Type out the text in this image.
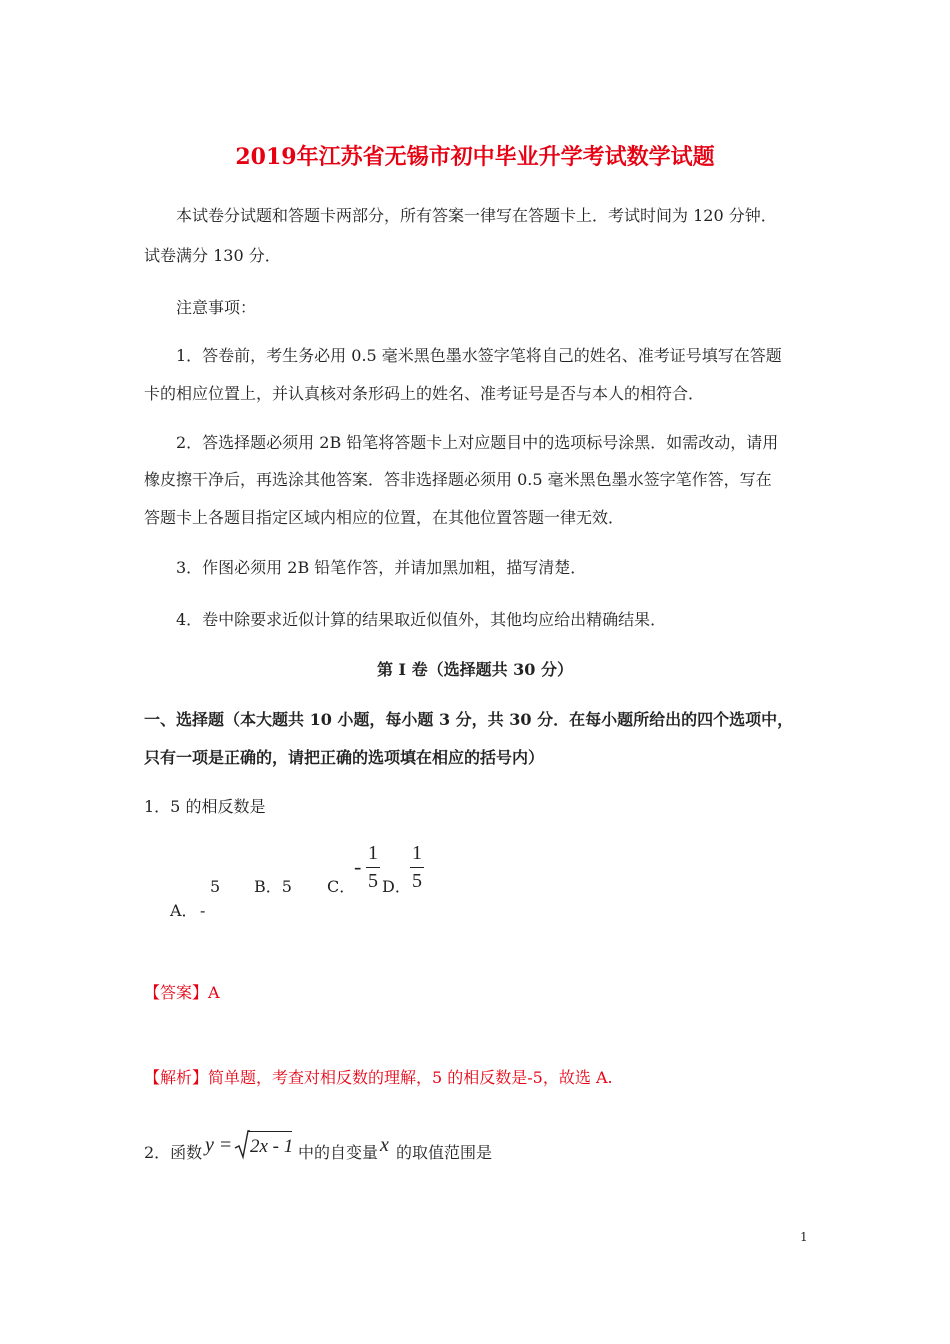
2019年江苏省无锡市初中毕业升学考试数学试题
本试卷分试题和答题卡两部分，所有答案一律写在答题卡上．考试时间为 120 分钟．
试卷满分 130 分．
注意事项：
1．答卷前，考生务必用 0.5 毫米黑色墨水签字笔将自己的姓名、准考证号填写在答题
卡的相应位置上，并认真核对条形码上的姓名、准考证号是否与本人的相符合．
2．答选择题必须用 2B 铅笔将答题卡上对应题目中的选项标号涂黑．如需改动，请用
橡皮擦干净后，再选涂其他答案．答非选择题必须用 0.5 毫米黑色墨水签字笔作答，写在
答题卡上各题目指定区域内相应的位置，在其他位置答题一律无效．
3．作图必须用 2B 铅笔作答，并请加黑加粗，描写清楚．
4．卷中除要求近似计算的结果取近似值外，其他均应给出精确结果．
第 I 卷（选择题共 30 分）
一、选择题（本大题共 10 小题，每小题 3 分，共 30 分．在每小题所给出的四个选项中，
只有一项是正确的，请把正确的选项填在相应的括号内）
1．5 的相反数是
5
A． -
B．5 C．
-
1
5 D．
1
5
【答案】A
【解析】简单题，考查对相反数的理解，5 的相反数是-5，故选 A.
2．函数 y = 2x - 1 中的自变量 x 的取值范围是
1
